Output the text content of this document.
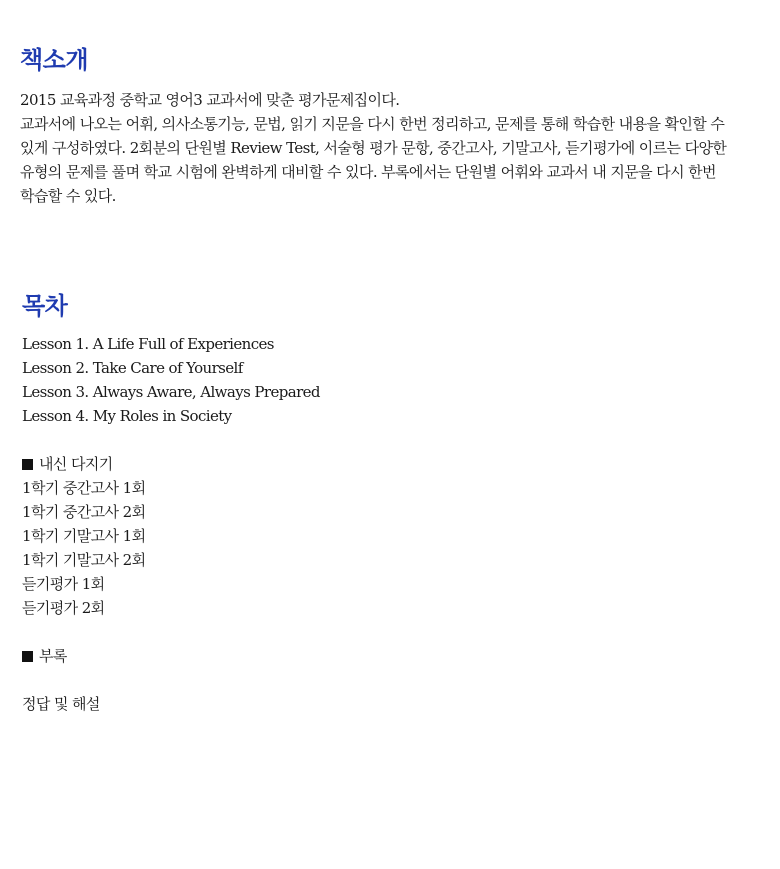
책소개
2015 교육과정 중학교 영어3 교과서에 맞춘 평가문제집이다.
교과서에 나오는 어휘, 의사소통기능, 문법, 읽기 지문을 다시 한번 정리하고, 문제를 통해 학습한 내용을 확인할 수
있게 구성하였다. 2회분의 단원별 Review Test, 서술형 평가 문항, 중간고사, 기말고사, 듣기평가에 이르는 다양한
유형의 문제를 풀며 학교 시험에 완벽하게 대비할 수 있다. 부록에서는 단원별 어휘와 교과서 내 지문을 다시 한번
학습할 수 있다.
목차
Lesson 1. A Life Full of Experiences
Lesson 2. Take Care of Yourself
Lesson 3. Always Aware, Always Prepared
Lesson 4. My Roles in Society
내신 다지기
1학기 중간고사 1회
1학기 중간고사 2회
1학기 기말고사 1회
1학기 기말고사 2회
듣기평가 1회
듣기평가 2회
부록
정답 및 해설
